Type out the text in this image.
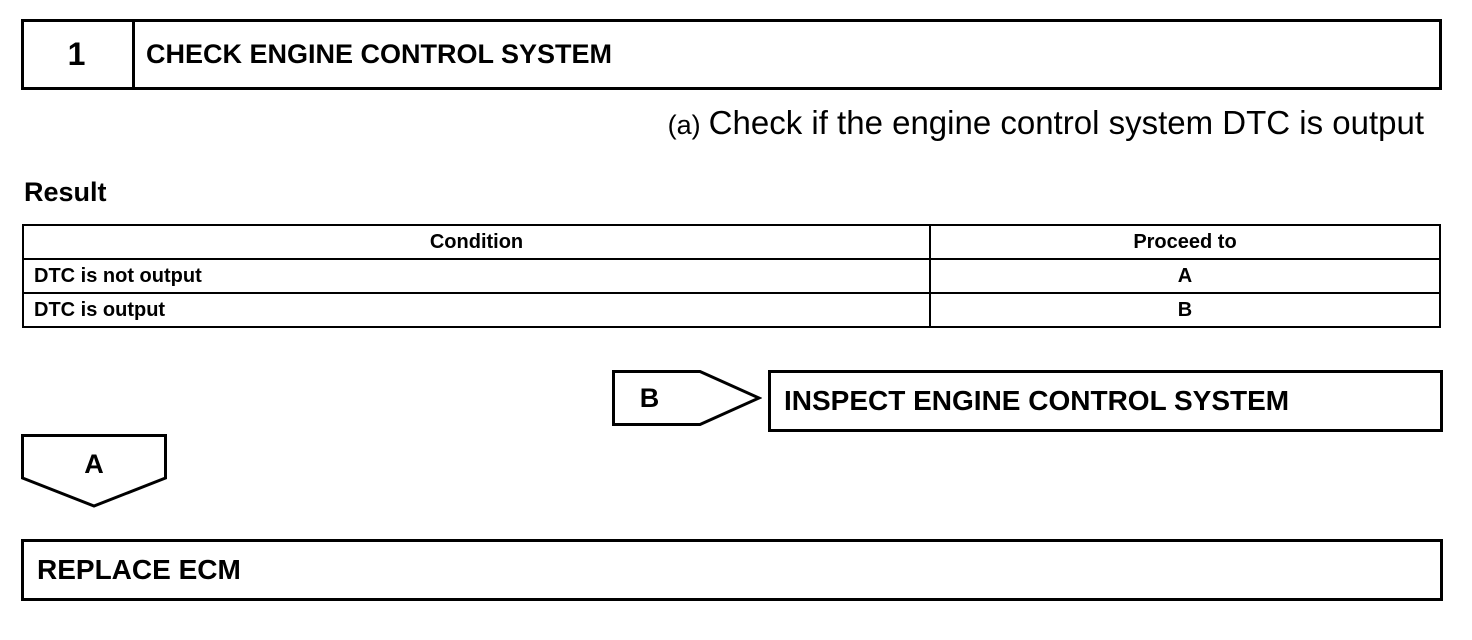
1	CHECK ENGINE CONTROL SYSTEM
(a) Check if the engine control system DTC is output
Result
Condition	Proceed to
DTC is not output	A
DTC is output	B
B	INSPECT ENGINE CONTROL SYSTEM
A
REPLACE ECM
